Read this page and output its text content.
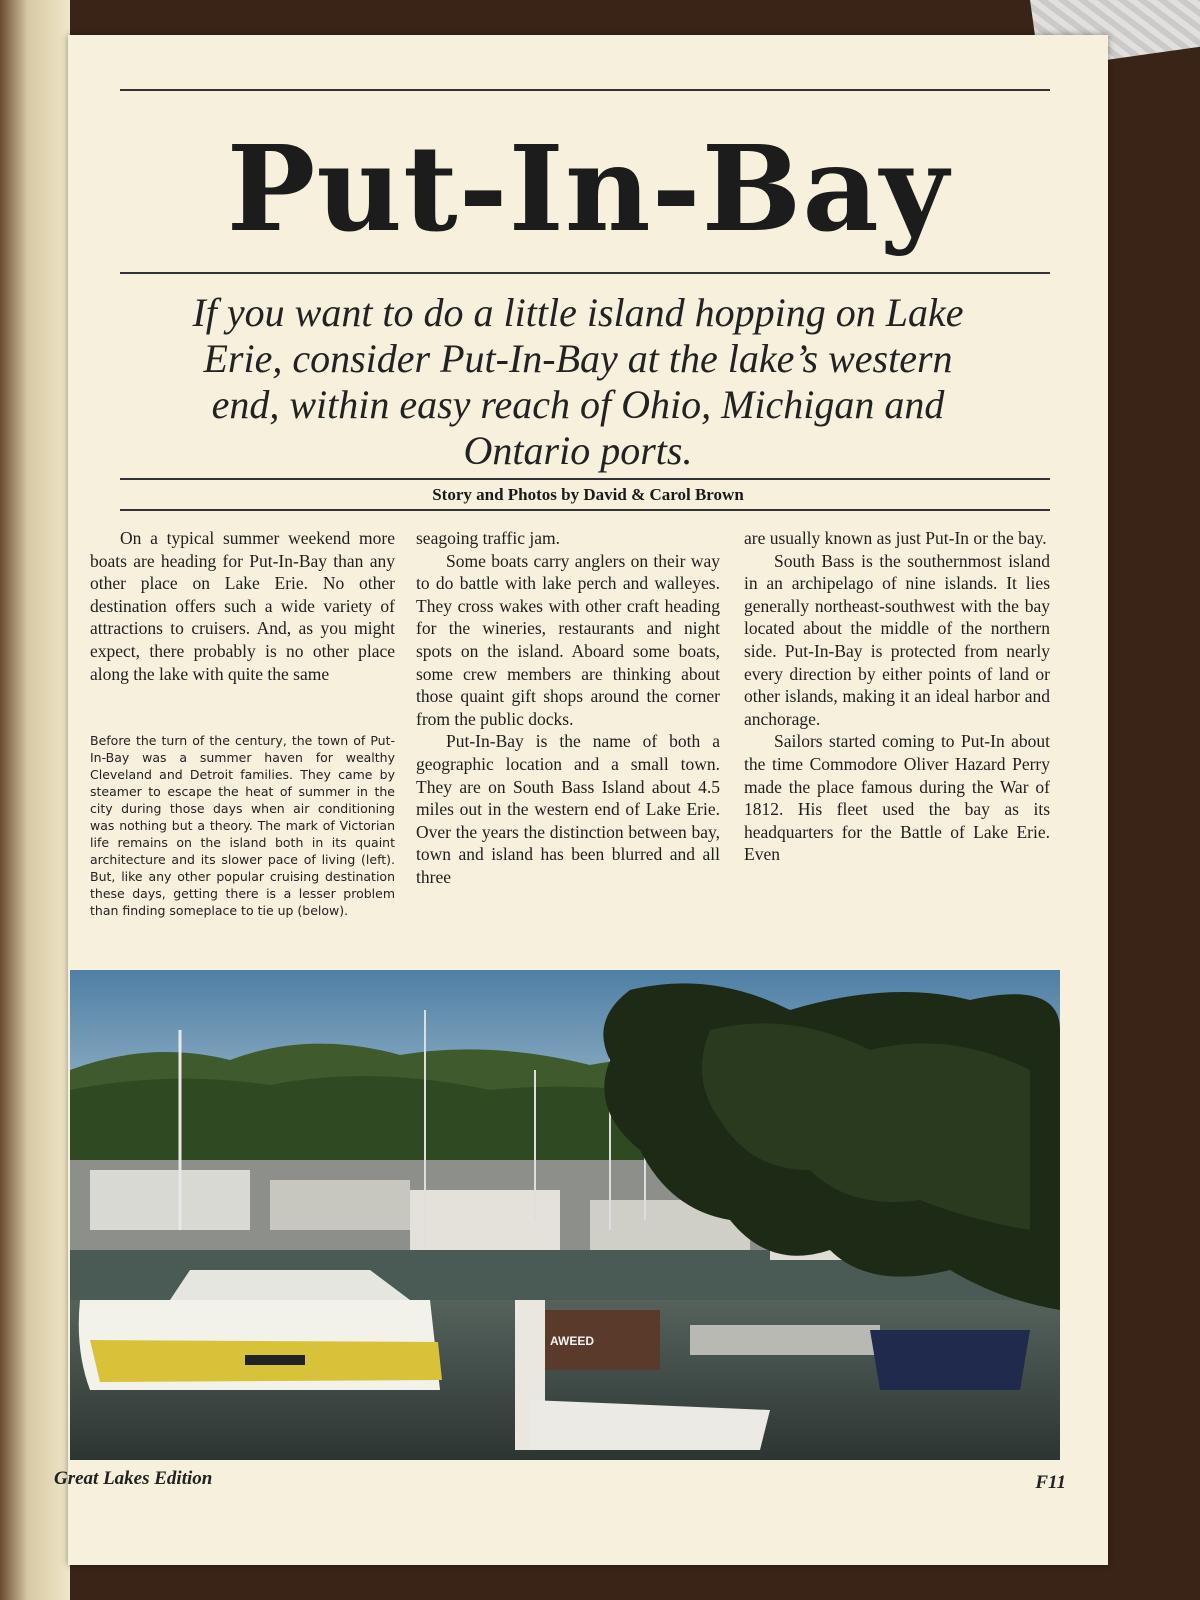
Put-In-Bay

If you want to do a little island hopping on Lake Erie, consider Put-In-Bay at the lake’s western end, within easy reach of Ohio, Michigan and Ontario ports.

Story and Photos by David & Carol Brown

On a typical summer weekend more boats are heading for Put-In-Bay than any other place on Lake Erie. No other destination offers such a wide variety of attractions to cruisers. And, as you might expect, there probably is no other place along the lake with quite the same

Before the turn of the century, the town of Put-In-Bay was a summer haven for wealthy Cleveland and Detroit families. They came by steamer to escape the heat of summer in the city during those days when air conditioning was nothing but a theory. The mark of Victorian life remains on the island both in its quaint architecture and its slower pace of living (left). But, like any other popular cruising destination these days, getting there is a lesser problem than finding someplace to tie up (below).

seagoing traffic jam.

Some boats carry anglers on their way to do battle with lake perch and walleyes. They cross wakes with other craft heading for the wineries, restaurants and night spots on the island. Aboard some boats, some crew members are thinking about those quaint gift shops around the corner from the public docks.

Put-In-Bay is the name of both a geographic location and a small town. They are on South Bass Island about 4.5 miles out in the western end of Lake Erie. Over the years the distinction between bay, town and island has been blurred and all three

are usually known as just Put-In or the bay.

South Bass is the southernmost island in an archipelago of nine islands. It lies generally northeast-southwest with the bay located about the middle of the northern side. Put-In-Bay is protected from nearly every direction by either points of land or other islands, making it an ideal harbor and anchorage.

Sailors started coming to Put-In about the time Commodore Oliver Hazard Perry made the place famous during the War of 1812. His fleet used the bay as its headquarters for the Battle of Lake Erie. Even

AWEED
Great Lakes Edition	F11
